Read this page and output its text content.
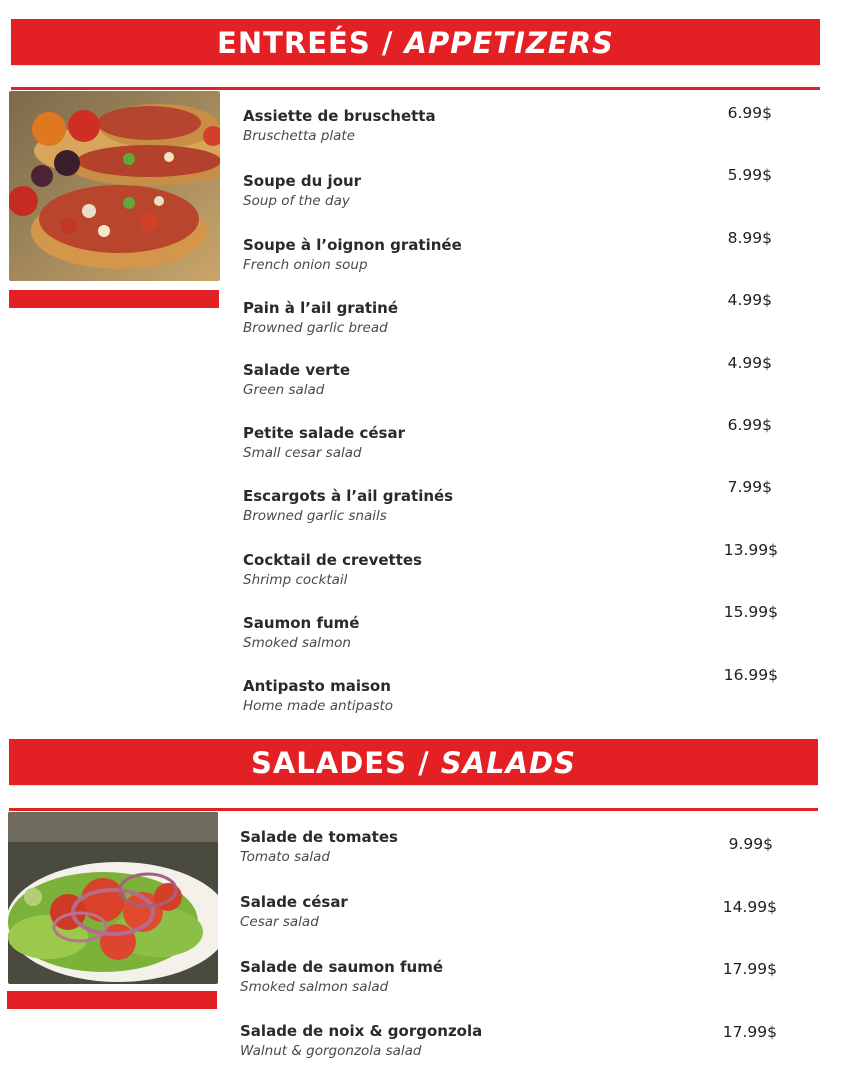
ENTREÉS / APPETIZERS
Assiette de bruschetta
Bruschetta plate
6.99$
Soupe du jour
Soup of the day
5.99$
Soupe à l’oignon gratinée
French onion soup
8.99$
Pain à l’ail gratiné
Browned garlic bread
4.99$
Salade verte
Green salad
4.99$
Petite salade césar
Small cesar salad
6.99$
Escargots à l’ail gratinés
Browned garlic snails
7.99$
Cocktail de crevettes
Shrimp cocktail
13.99$
Saumon fumé
Smoked salmon
15.99$
Antipasto maison
Home made antipasto
16.99$
SALADES / SALADS
Salade de tomates
Tomato salad
9.99$
Salade césar
Cesar salad
14.99$
Salade de saumon fumé
Smoked salmon salad
17.99$
Salade de noix & gorgonzola
Walnut & gorgonzola salad
17.99$
